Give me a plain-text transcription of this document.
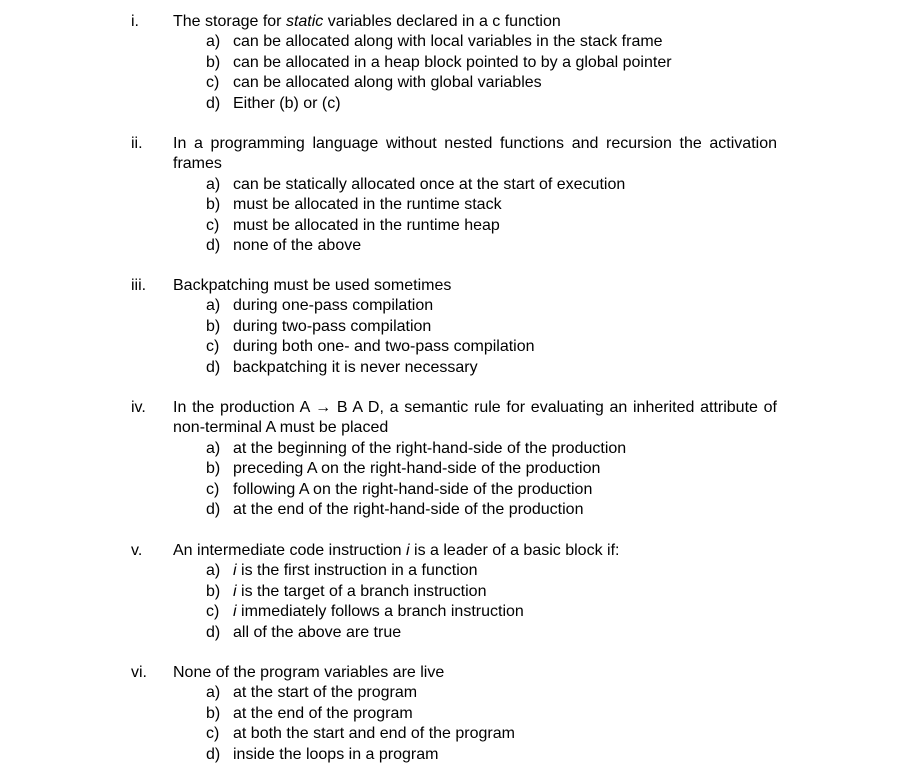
i.	The storage for static variables declared in a c function
a) can be allocated along with local variables in the stack frame
b) can be allocated in a heap block pointed to by a global pointer
c) can be allocated along with global variables
d) Either (b) or (c)
ii.	In a programming language without nested functions and recursion the activation frames
a) can be statically allocated once at the start of execution
b) must be allocated in the runtime stack
c) must be allocated in the runtime heap
d) none of the above
iii.	Backpatching must be used sometimes
a) during one-pass compilation
b) during two-pass compilation
c) during both one- and two-pass compilation
d) backpatching it is never necessary
iv.	In the production A → B A D, a semantic rule for evaluating an inherited attribute of non-terminal A must be placed
a) at the beginning of the right-hand-side of the production
b) preceding A on the right-hand-side of the production
c) following A on the right-hand-side of the production
d) at the end of the right-hand-side of the production
v.	An intermediate code instruction i is a leader of a basic block if:
a) i is the first instruction in a function
b) i is the target of a branch instruction
c) i immediately follows a branch instruction
d) all of the above are true
vi.	None of the program variables are live
a) at the start of the program
b) at the end of the program
c) at both the start and end of the program
d) inside the loops in a program
